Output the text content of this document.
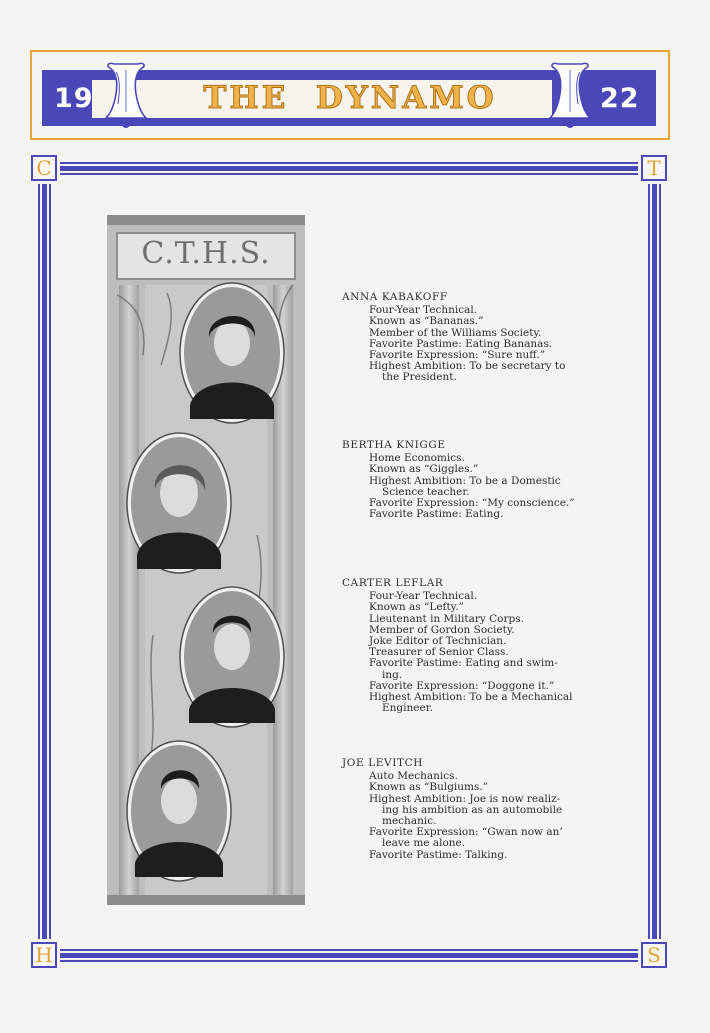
19	22
THE  DYNAMO
C	T
H	S
C.T.H.S.
ANNA KABAKOFF
Four-Year Technical.
Known as “Bananas.”
Member of the Williams Society.
Favorite Pastime: Eating Bananas.
Favorite Expression: “Sure nuff.”
Highest Ambition: To be secretary to
the President.
BERTHA KNIGGE
Home Economics.
Known as “Giggles.”
Highest Ambition: To be a Domestic
Science teacher.
Favorite Expression: “My conscience.”
Favorite Pastime: Eating.
CARTER LEFLAR
Four-Year Technical.
Known as “Lefty.”
Lieutenant in Military Corps.
Member of Gordon Society.
Joke Editor of Technician.
Treasurer of Senior Class.
Favorite Pastime: Eating and swim-
ing.
Favorite Expression: “Doggone it.”
Highest Ambition: To be a Mechanical
Engineer.
JOE LEVITCH
Auto Mechanics.
Known as “Bulgiums.”
Highest Ambition: Joe is now realiz-
ing his ambition as an automobile
mechanic.
Favorite Expression: “Gwan now an’
leave me alone.
Favorite Pastime: Talking.
